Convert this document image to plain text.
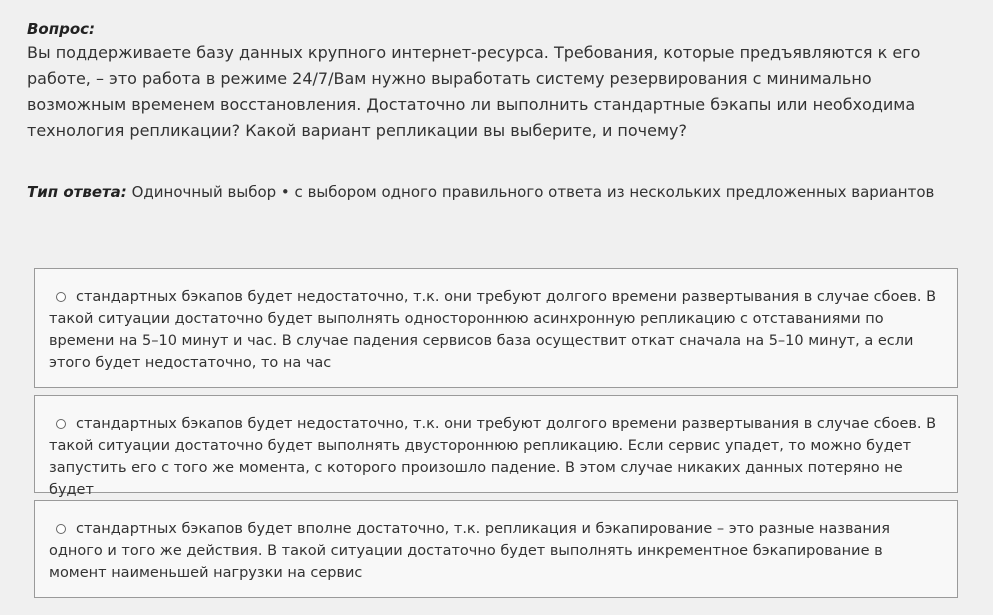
Вопрос:
Вы поддерживаете базу данных крупного интернет-ресурса. Требования, которые предъявляются к его работе, – это работа в режиме 24/7/Вам нужно выработать систему резервирования с минимально возможным временем восстановления. Достаточно ли выполнить стандартные бэкапы или необходима технология репликации? Какой вариант репликации вы выберите, и почему?
Тип ответа: Одиночный выбор • с выбором одного правильного ответа из нескольких предложенных вариантов
стандартных бэкапов будет недостаточно, т.к. они требуют долгого времени развертывания в случае сбоев. В такой ситуации достаточно будет выполнять одностороннюю асинхронную репликацию с отставаниями по времени на 5–10 минут и час. В случае падения сервисов база осуществит откат сначала на 5–10 минут, а если этого будет недостаточно, то на час
стандартных бэкапов будет недостаточно, т.к. они требуют долгого времени развертывания в случае сбоев. В такой ситуации достаточно будет выполнять двустороннюю репликацию. Если сервис упадет, то можно будет запустить его с того же момента, с которого произошло падение. В этом случае никаких данных потеряно не будет
стандартных бэкапов будет вполне достаточно, т.к. репликация и бэкапирование – это разные названия одного и того же действия. В такой ситуации достаточно будет выполнять инкрементное бэкапирование в момент наименьшей нагрузки на сервис
